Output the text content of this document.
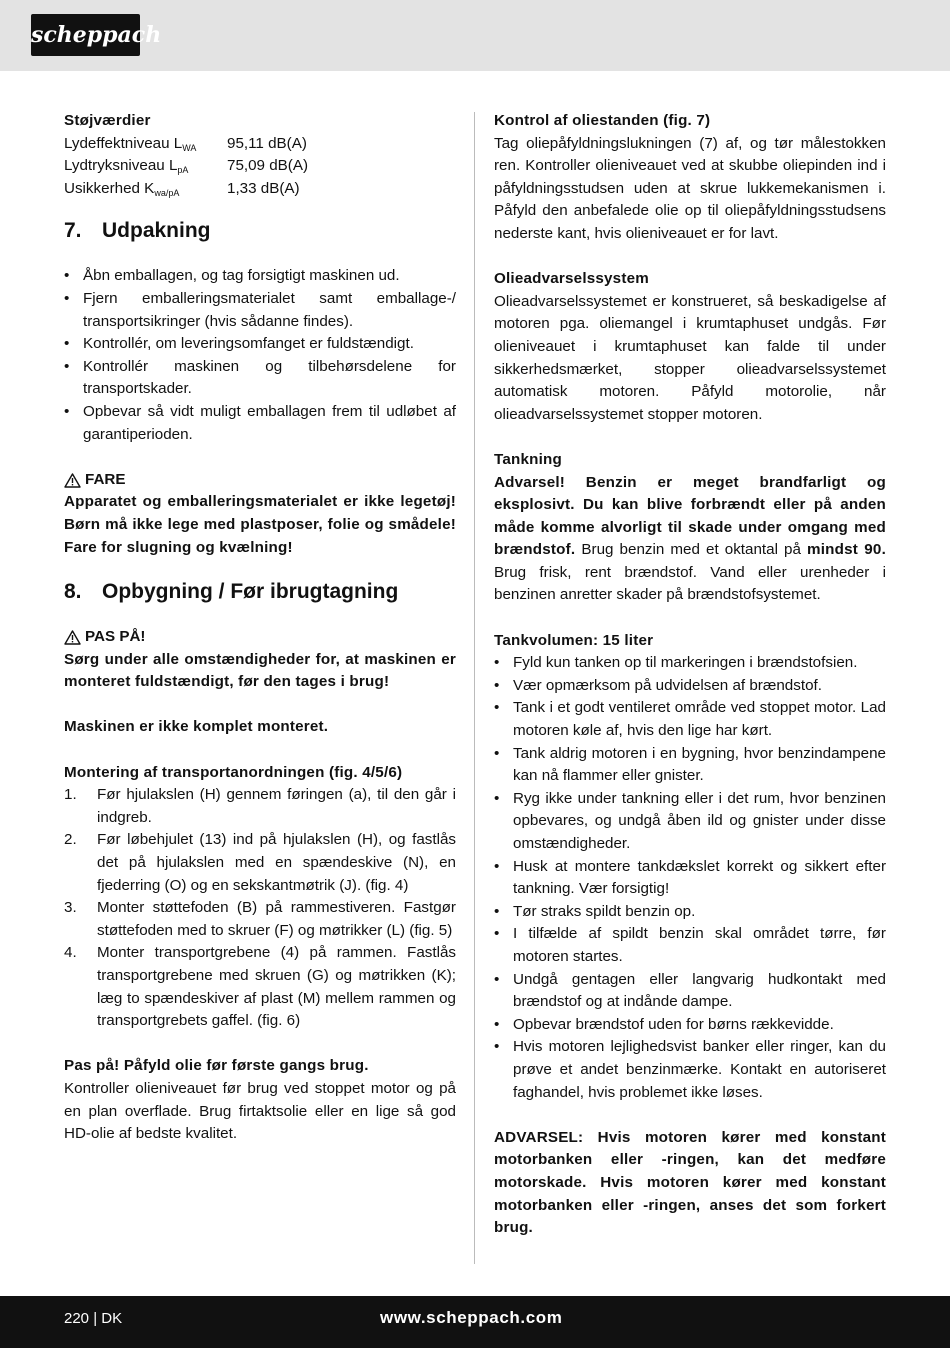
scheppach
Støjværdier
Lydeffektniveau $L_{WA}$	95,11 dB(A)
Lydtryksniveau $L_{pA}$	75,09 dB(A)
Usikkerhed $K_{wa/pA}$	1,33 dB(A)
7. Udpakning
• Åbn emballagen, og tag forsigtigt maskinen ud.
• Fjern emballeringsmaterialet samt emballage-/ transportsikringer (hvis sådanne findes).
• Kontrollér, om leveringsomfanget er fuldstændigt.
• Kontrollér maskinen og tilbehørsdelene for transportskader.
• Opbevar så vidt muligt emballagen frem til udløbet af garantiperioden.
FARE

Apparatet og emballeringsmaterialet er ikke legetøj! Børn må ikke lege med plastposer, folie og smådele! Fare for slugning og kvælning!

8. Opbygning / Før ibrugtagning
PAS PÅ!

Sørg under alle omstændigheder for, at maskinen er monteret fuldstændigt, før den tages i brug!

Maskinen er ikke komplet monteret.
Montering af transportanordningen (fig. 4/5/6)
1. Før hjulakslen (H) gennem føringen (a), til den går i indgreb.
2. Før løbehjulet (13) ind på hjulakslen (H), og fastlås det på hjulakslen med en spændeskive (N), en fjederring (O) og en sekskantmøtrik (J). (fig. 4)
3. Monter støttefoden (B) på rammestiveren. Fastgør støttefoden med to skruer (F) og møtrikker (L) (fig. 5)
4. Monter transportgrebene (4) på rammen. Fastlås transportgrebene med skruen (G) og møtrikken (K); læg to spændeskiver af plast (M) mellem rammen og transportgrebets gaffel. (fig. 6)
Pas på! Påfyld olie før første gangs brug.

Kontroller olieniveauet før brug ved stoppet motor og på en plan overflade. Brug firtaktsolie eller en lige så god HD-olie af bedste kvalitet.

Kontrol af oliestanden (fig. 7)

Tag oliepåfyldningslukningen (7) af, og tør målestokken ren. Kontroller olieniveauet ved at skubbe oliepinden ind i påfyldningsstudsen uden at skrue lukkemekanismen i. Påfyld den anbefalede olie op til oliepåfyldningsstudsens nederste kant, hvis olieniveauet er for lavt.

Olieadvarselssystem

Olieadvarselssystemet er konstrueret, så beskadigelse af motoren pga. oliemangel i krumtaphuset undgås. Før olieniveauet i krumtaphuset kan falde til under sikkerhedsmærket, stopper olieadvarselssystemet automatisk motoren. Påfyld motorolie, når olieadvarselssystemet stopper motoren.

Tankning

Advarsel! Benzin er meget brandfarligt og eksplosivt. Du kan blive forbrændt eller på anden måde komme alvorligt til skade under omgang med brændstof. Brug benzin med et oktantal på mindst 90. Brug frisk, rent brændstof. Vand eller urenheder i benzinen anretter skader på brændstofsystemet.

Tankvolumen: 15 liter
• Fyld kun tanken op til markeringen i brændstofsien.
• Vær opmærksom på udvidelsen af brændstof.
• Tank i et godt ventileret område ved stoppet motor. Lad motoren køle af, hvis den lige har kørt.
• Tank aldrig motoren i en bygning, hvor benzindampene kan nå flammer eller gnister.
• Ryg ikke under tankning eller i det rum, hvor benzinen opbevares, og undgå åben ild og gnister under disse omstændigheder.
• Husk at montere tankdækslet korrekt og sikkert efter tankning. Vær forsigtig!
• Tør straks spildt benzin op.
• I tilfælde af spildt benzin skal området tørre, før motoren startes.
• Undgå gentagen eller langvarig hudkontakt med brændstof og at indånde dampe.
• Opbevar brændstof uden for børns rækkevidde.
• Hvis motoren lejlighedsvist banker eller ringer, kan du prøve et andet benzinmærke. Kontakt en autoriseret faghandel, hvis problemet ikke løses.

ADVARSEL: Hvis motoren kører med konstant motorbanken eller -ringen, kan det medføre motorskade. Hvis motoren kører med konstant motorbanken eller -ringen, anses det som forkert brug.

220 | DK	www.scheppach.com
